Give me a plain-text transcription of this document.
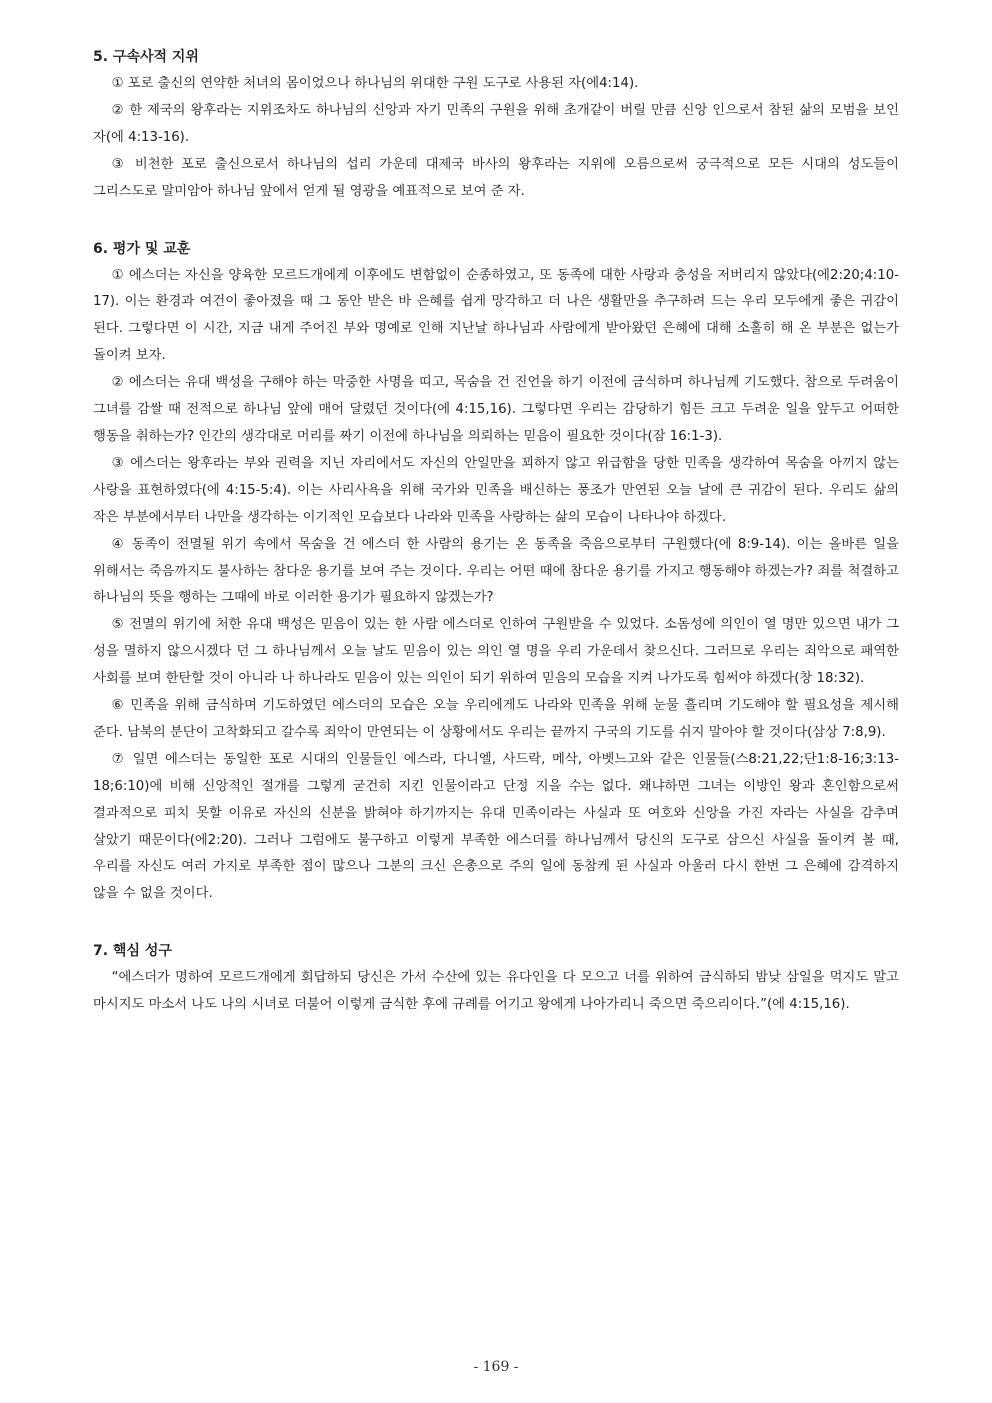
5. 구속사적 지위

① 포로 출신의 연약한 처녀의 몸이었으나 하나님의 위대한 구원 도구로 사용된 자(에4:14).

② 한 제국의 왕후라는 지위조차도 하나님의 신앙과 자기 민족의 구원을 위해 초개같이 버릴 만큼 신앙 인으로서 참된 삶의 모범을 보인 자(에 4:13-16).

③ 비천한 포로 출신으로서 하나님의 섭리 가운데 대제국 바사의 왕후라는 지위에 오름으로써 궁극적으로 모든 시대의 성도들이 그리스도로 말미암아 하나님 앞에서 얻게 될 영광을 예표적으로 보여 준 자.

6. 평가 및 교훈

① 에스더는 자신을 양육한 모르드개에게 이후에도 변함없이 순종하였고, 또 동족에 대한 사랑과 충성을 저버리지 않았다(에2:20;4:10-17). 이는 환경과 여건이 좋아졌을 때 그 동안 받은 바 은혜를 쉽게 망각하고 더 나은 생활만을 추구하려 드는 우리 모두에게 좋은 귀감이 된다. 그렇다면 이 시간, 지금 내게 주어진 부와 명예로 인해 지난날 하나님과 사람에게 받아왔던 은혜에 대해 소홀히 해 온 부분은 없는가 돌이켜 보자.

② 에스더는 유대 백성을 구해야 하는 막중한 사명을 띠고, 목숨을 건 진언을 하기 이전에 금식하며 하나님께 기도했다. 참으로 두려움이 그녀를 감쌀 때 전적으로 하나님 앞에 매어 달렸던 것이다(에 4:15,16). 그렇다면 우리는 감당하기 힘든 크고 두려운 일을 앞두고 어떠한 행동을 취하는가? 인간의 생각대로 머리를 짜기 이전에 하나님을 의뢰하는 믿음이 필요한 것이다(잠 16:1-3).

③ 에스더는 왕후라는 부와 권력을 지닌 자리에서도 자신의 안일만을 꾀하지 않고 위급함을 당한 민족을 생각하여 목숨을 아끼지 않는 사랑을 표현하였다(에 4:15-5:4). 이는 사리사욕을 위해 국가와 민족을 배신하는 풍조가 만연된 오늘 날에 큰 귀감이 된다. 우리도 삶의 작은 부분에서부터 나만을 생각하는 이기적인 모습보다 나라와 민족을 사랑하는 삶의 모습이 나타나야 하겠다.

④ 동족이 전멸될 위기 속에서 목숨을 건 에스더 한 사람의 용기는 온 동족을 죽음으로부터 구원했다(에 8:9-14). 이는 올바른 일을 위해서는 죽음까지도 불사하는 참다운 용기를 보여 주는 것이다. 우리는 어떤 때에 참다운 용기를 가지고 행동해야 하겠는가? 죄를 척결하고 하나님의 뜻을 행하는 그때에 바로 이러한 용기가 필요하지 않겠는가?

⑤ 전멸의 위기에 처한 유대 백성은 믿음이 있는 한 사람 에스더로 인하여 구원받을 수 있었다. 소돔성에 의인이 열 명만 있으면 내가 그 성을 멸하지 않으시겠다 던 그 하나님께서 오늘 날도 믿음이 있는 의인 열 명을 우리 가운데서 찾으신다. 그러므로 우리는 죄악으로 패역한 사회를 보며 한탄할 것이 아니라 나 하나라도 믿음이 있는 의인이 되기 위하여 믿음의 모습을 지켜 나가도록 힘써야 하겠다(창 18:32).

⑥ 민족을 위해 금식하며 기도하였던 에스더의 모습은 오늘 우리에게도 나라와 민족을 위해 눈물 흘리며 기도해야 할 필요성을 제시해 준다. 남북의 분단이 고착화되고 갈수록 죄악이 만연되는 이 상황에서도 우리는 끝까지 구국의 기도를 쉬지 말아야 할 것이다(삼상 7:8,9).

⑦ 일면 에스더는 동일한 포로 시대의 인물들인 에스라, 다니엘, 사드락, 메삭, 아벳느고와 같은 인물들(스8:21,22;단1:8-16;3:13-18;6:10)에 비해 신앙적인 절개를 그렇게 굳건히 지킨 인물이라고 단정 지을 수는 없다. 왜냐하면 그녀는 이방인 왕과 혼인함으로써 결과적으로 피치 못할 이유로 자신의 신분을 밝혀야 하기까지는 유대 민족이라는 사실과 또 여호와 신앙을 가진 자라는 사실을 감추며 살았기 때문이다(에2:20). 그러나 그럼에도 불구하고 이렇게 부족한 에스더를 하나님께서 당신의 도구로 삼으신 사실을 돌이켜 볼 때, 우리를 자신도 여러 가지로 부족한 점이 많으나 그분의 크신 은총으로 주의 일에 동참케 된 사실과 아울러 다시 한번 그 은혜에 감격하지 않을 수 없을 것이다.

7. 핵심 성구

“에스더가 명하여 모르드개에게 회답하되 당신은 가서 수산에 있는 유다인을 다 모으고 너를 위하여 금식하되 밤낮 삼일을 먹지도 말고 마시지도 마소서 나도 나의 시녀로 더불어 이렇게 금식한 후에 규례를 어기고 왕에게 나아가리니 죽으면 죽으리이다.”(에 4:15,16).

- 169 -
